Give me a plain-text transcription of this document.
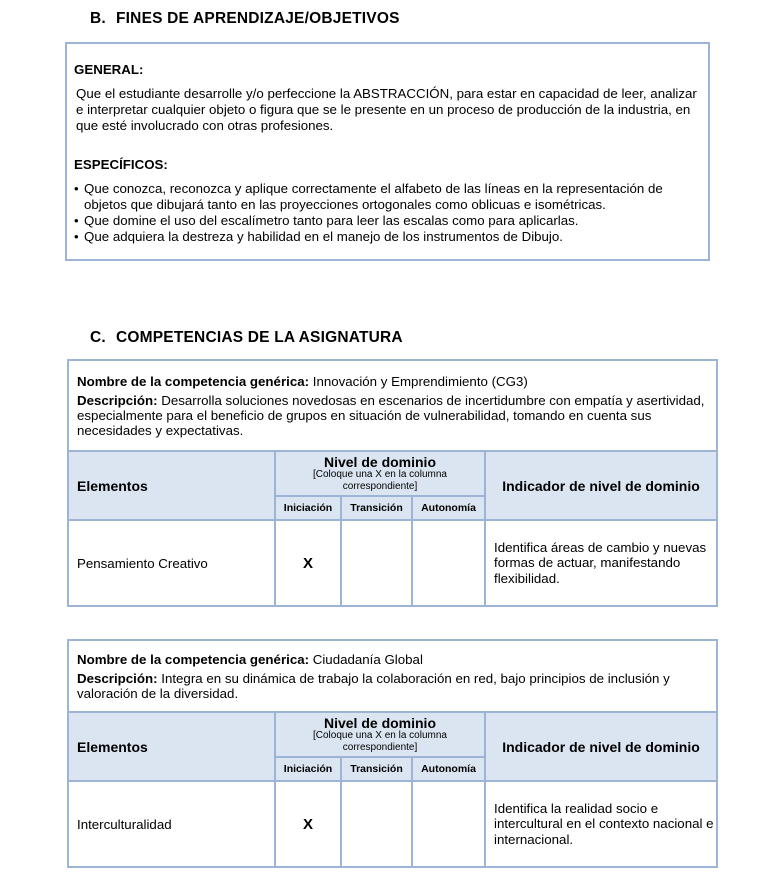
B. FINES DE APRENDIZAJE/OBJETIVOS

GENERAL:

Que el estudiante desarrolle y/o perfeccione la ABSTRACCIÓN, para estar en capacidad de leer, analizar e interpretar cualquier objeto o figura que se le presente en un proceso de producción de la industria, en que esté involucrado con otras profesiones.

ESPECÍFICOS:

• Que conozca, reconozca y aplique correctamente el alfabeto de las líneas en la representación de objetos que dibujará tanto en las proyecciones ortogonales como oblicuas e isométricas.
• Que domine el uso del escalímetro tanto para leer las escalas como para aplicarlas.
• Que adquiera la destreza y habilidad en el manejo de los instrumentos de Dibujo.
C. COMPETENCIAS DE LA ASIGNATURA

Nombre de la competencia genérica: Innovación y Emprendimiento (CG3)

Descripción: Desarrolla soluciones novedosas en escenarios de incertidumbre con empatía y asertividad, especialmente para el beneficio de grupos en situación de vulnerabilidad, tomando en cuenta sus necesidades y expectativas.				

Elementos	Nivel de dominio
[Coloque una X en la columna correspondiente]			Indicador de nivel de dominio
	Iniciación	Transición	Autonomía	
Pensamiento Creativo	X			Identifica áreas de cambio y nuevas formas de actuar, manifestando flexibilidad.

Nombre de la competencia genérica: Ciudadanía Global

Descripción: Integra en su dinámica de trabajo la colaboración en red, bajo principios de inclusión y valoración de la diversidad.				

Elementos	Nivel de dominio
[Coloque una X en la columna correspondiente]			Indicador de nivel de dominio
	Iniciación	Transición	Autonomía	
Interculturalidad	X			Identifica la realidad socio e intercultural en el contexto nacional e internacional.
